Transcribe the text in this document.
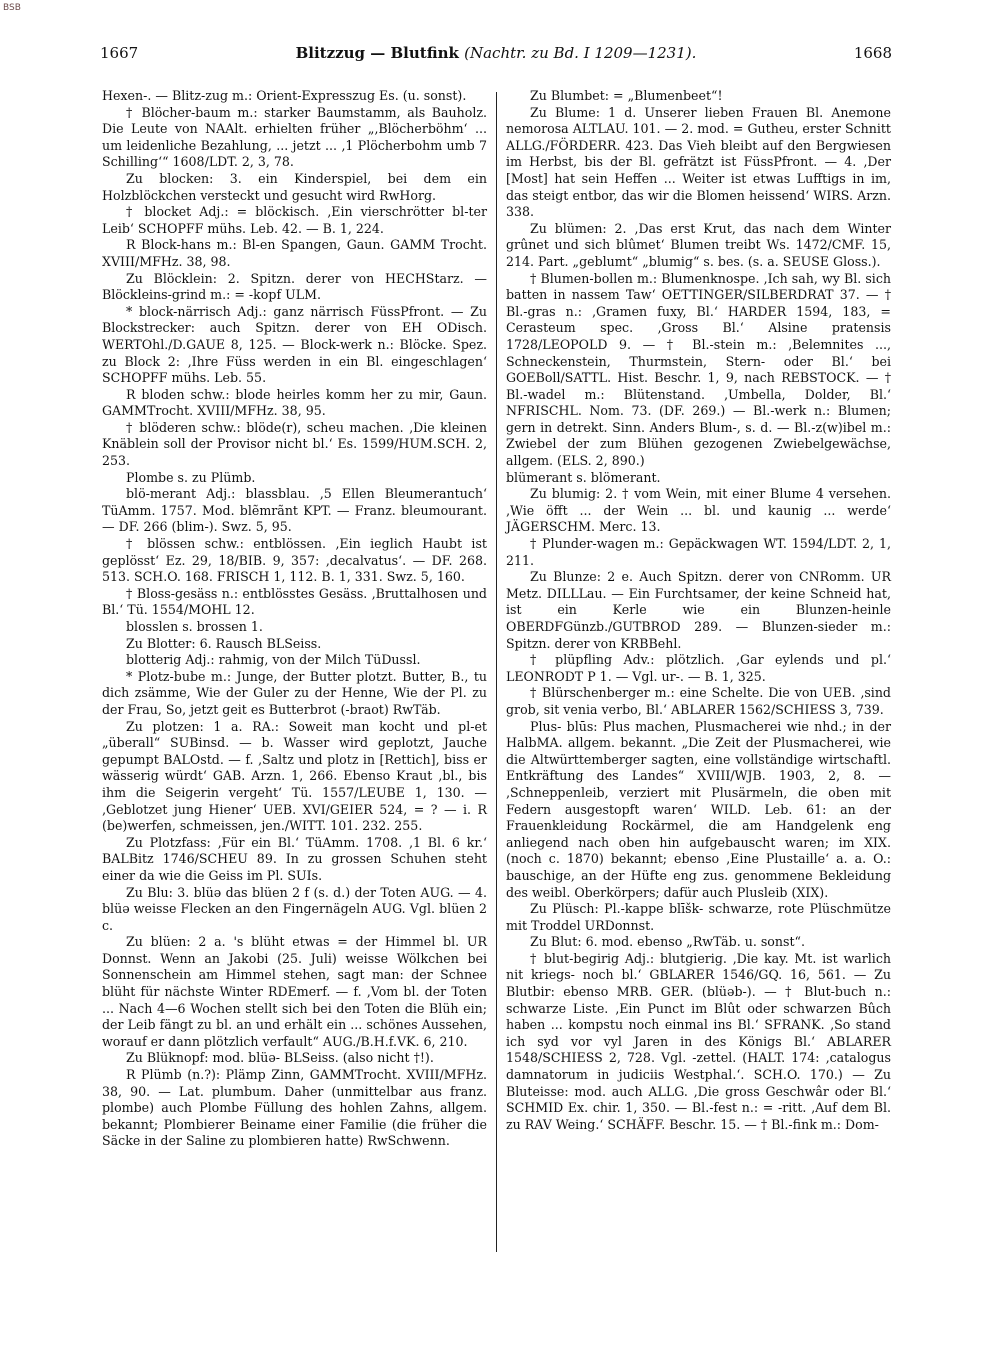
BSB
1667	Blitzzug — Blutfink (Nachtr. zu Bd. I 1209—1231).	1668

Hexen-. — Blitz-zug m.: Orient-Expresszug Es. (u. sonst).

† Blöcher-baum m.: starker Baumstamm, als Bauholz. Die Leute von NAAlt. erhielten früher „‚Blöcherböhm‘ ... um leidenliche Bezahlung, ... jetzt ... ‚1 Plöcherbohm umb 7 Schilling‘“ 1608/LDT. 2, 3, 78.

Zu blocken: 3. ein Kinderspiel, bei dem ein Holzblöckchen versteckt und gesucht wird RwHorg.

† blocket Adj.: = blöckisch. ‚Ein vierschrötter bl-ter Leib‘ SCHOPFF mühs. Leb. 42. — B. 1, 224.

R Block-hans m.: Bl-en Spangen, Gaun. GAMM Trocht. XVIII/MFHz. 38, 98.

Zu Blöcklein: 2. Spitzn. derer von HECHStarz. — Blöckleins-grind m.: = -kopf ULM.

* block-närrisch Adj.: ganz närrisch FüssPfront. — Zu Blockstrecker: auch Spitzn. derer von EH ODisch. WERTOhl./D.GAUE 8, 125. — Block-werk n.: Blöcke. Spez. zu Block 2: ‚Ihre Füss werden in ein Bl. eingeschlagen‘ SCHOPFF mühs. Leb. 55.

R bloden schw.: blode heirles komm her zu mir, Gaun. GAMMTrocht. XVIII/MFHz. 38, 95.

† blöderen schw.: blöde(r), scheu machen. ‚Die kleinen Knäblein soll der Provisor nicht bl.‘ Es. 1599/HUM.SCH. 2, 253.

Plombe s. zu Plümb.

blö-merant Adj.: blassblau. ‚5 Ellen Bleumerantuch‘ TüAmm. 1757. Mod. blẽmrãnt KPT. — Franz. bleumourant. — DF. 266 (blim-). Swz. 5, 95.

† blössen schw.: entblössen. ‚Ein ieglich Haubt ist geplösst‘ Ez. 29, 18/BIB. 9, 357: ‚decalvatus‘. — DF. 268. 513. SCH.O. 168. FRISCH 1, 112. B. 1, 331. Swz. 5, 160.

† Bloss-gesäss n.: entblösstes Gesäss. ‚Bruttalhosen und Bl.‘ Tü. 1554/MOHL 12.

blosslen s. brossen 1.

Zu Blotter: 6. Rausch BLSeiss.

blotterig Adj.: rahmig, von der Milch TüDussl.

* Plotz-bube m.: Junge, der Butter plotzt. Butter, B., tu dich zsämme, Wie der Guler zu der Henne, Wie der Pl. zu der Frau, So, jetzt geit es Butterbrot (-braot) RwTäb.

Zu plotzen: 1 a. RA.: Soweit man kocht und pl-et „überall“ SUBinsd. — b. Wasser wird geplotzt, Jauche gepumpt BALOstd. — f. ‚Saltz und plotz in [Rettich], biss er wässerig würdt‘ GAB. Arzn. 1, 266. Ebenso Kraut ‚bl., bis ihm die Seigerin vergeht‘ Tü. 1557/LEUBE 1, 130. — ‚Geblotzet jung Hiener‘ UEB. XVI/GEIER 524, = ? — i. R (be)werfen, schmeissen, jen./WITT. 101. 232. 255.

Zu Plotzfass: ‚Für ein Bl.‘ TüAmm. 1708. ‚1 Bl. 6 kr.‘ BALBitz 1746/SCHEU 89. In zu grossen Schuhen steht einer da wie die Geiss im Pl. SUIs.

Zu Blu: 3. blüə das blüen 2 f (s. d.) der Toten AUG. — 4. blüə weisse Flecken an den Fingernägeln AUG. Vgl. blüen 2 c.

Zu blüen: 2 a. 's blüht etwas = der Himmel bl. UR Donnst. Wenn an Jakobi (25. Juli) weisse Wölkchen bei Sonnenschein am Himmel stehen, sagt man: der Schnee blüht für nächste Winter RDEmerf. — f. ‚Vom bl. der Toten ... Nach 4—6 Wochen stellt sich bei den Toten die Blüh ein; der Leib fängt zu bl. an und erhält ein ... schönes Aussehen, worauf er dann plötzlich verfault“ AUG./B.H.f.VK. 6, 210.

Zu Blüknopf: mod. blüə- BLSeiss. (also nicht †!).

R Plümb (n.?): Plämp Zinn, GAMMTrocht. XVIII/MFHz. 38, 90. — Lat. plumbum. Daher (unmittelbar aus franz. plombe) auch Plombe Füllung des hohlen Zahns, allgem. bekannt; Plombierer Beiname einer Familie (die früher die Säcke in der Saline zu plombieren hatte) RwSchwenn.

Zu Blumbet: = „Blumenbeet“!

Zu Blume: 1 d. Unserer lieben Frauen Bl. Anemone nemorosa ALTLAU. 101. — 2. mod. = Gutheu, erster Schnitt ALLG./FÖRDERR. 423. Das Vieh bleibt auf den Bergwiesen im Herbst, bis der Bl. gefrätzt ist FüssPfront. — 4. ‚Der [Most] hat sein Heffen ... Weiter ist etwas Lufftigs in im, das steigt entbor, das wir die Blomen heissend‘ WIRS. Arzn. 338.

Zu blümen: 2. ‚Das erst Krut, das nach dem Winter grûnet und sich blûmet‘ Blumen treibt Ws. 1472/CMF. 15, 214. Part. „geblumt“ „blumig“ s. bes. (s. a. SEUSE Gloss.).

† Blumen-bollen m.: Blumenknospe. ‚Ich sah, wy Bl. sich batten in nassem Taw‘ OETTINGER/SILBERDRAT 37. — † Bl.-gras n.: ‚Gramen fuxy, Bl.‘ HARDER 1594, 183, = Cerasteum spec. ‚Gross Bl.‘ Alsine pratensis 1728/LEOPOLD 9. — † Bl.-stein m.: ‚Belemnites ..., Schneckenstein, Thurmstein, Stern- oder Bl.‘ bei GOEBoll/SATTL. Hist. Beschr. 1, 9, nach REBSTOCK. — † Bl.-wadel m.: Blütenstand. ‚Umbella, Dolder, Bl.‘ NFRISCHL. Nom. 73. (DF. 269.) — Bl.-werk n.: Blumen; gern in detrekt. Sinn. Anders Blum-, s. d. — Bl.-z(w)ibel m.: Zwiebel der zum Blühen gezogenen Zwiebelgewächse, allgem. (ELS. 2, 890.)

blümerant s. blömerant.

Zu blumig: 2. † vom Wein, mit einer Blume 4 versehen. ‚Wie öfft ... der Wein ... bl. und kaunig ... werde‘ JÄGERSCHM. Merc. 13.

† Plunder-wagen m.: Gepäckwagen WT. 1594/LDT. 2, 1, 211.

Zu Blunze: 2 e. Auch Spitzn. derer von CNRomm. UR Metz. DILLLau. — Ein Furchtsamer, der keine Schneid hat, ist ein Kerle wie ein Blunzen-heinle OBERDFGünzb./GUTBROD 289. — Blunzen-sieder m.: Spitzn. derer von KRBBehl.

† plüpfling Adv.: plötzlich. ‚Gar eylends und pl.‘ LEONRODT P 1. — Vgl. ur-. — B. 1, 325.

† Blürschenberger m.: eine Schelte. Die von UEB. ‚sind grob, sit venia verbo, Bl.‘ ABLARER 1562/SCHIESS 3, 739.

Plus- blūs: Plus machen, Plusmacherei wie nhd.; in der HalbMA. allgem. bekannt. „Die Zeit der Plusmacherei, wie die Altwürttemberger sagten, eine vollständige wirtschaftl. Entkräftung des Landes“ XVIII/WJB. 1903, 2, 8. — ‚Schneppenleib, verziert mit Plusärmeln, die oben mit Federn ausgestopft waren‘ WILD. Leb. 61: an der Frauenkleidung Rockärmel, die am Handgelenk eng anliegend nach oben hin aufgebauscht waren; im XIX. (noch c. 1870) bekannt; ebenso ‚Eine Plustaille‘ a. a. O.: bauschige, an der Hüfte eng zus. genommene Bekleidung des weibl. Oberkörpers; dafür auch Plusleib (XIX).

Zu Plüsch: Pl.-kappe blīšk- schwarze, rote Plüschmütze mit Troddel URDonnst.

Zu Blut: 6. mod. ebenso „RwTäb. u. sonst“.

† blut-begirig Adj.: blutgierig. ‚Die kay. Mt. ist warlich nit kriegs- noch bl.‘ GBLARER 1546/GQ. 16, 561. — Zu Blutbir: ebenso MRB. GER. (blüəb-). — † Blut-buch n.: schwarze Liste. ‚Ein Punct im Blût oder schwarzen Bûch haben ... kompstu noch einmal ins Bl.‘ SFRANK. ‚So stand ich syd vor vyl Jaren in des Königs Bl.‘ ABLARER 1548/SCHIESS 2, 728. Vgl. -zettel. (HALT. 174: ‚catalogus damnatorum in judiciis Westphal.‘. SCH.O. 170.) — Zu Bluteisse: mod. auch ALLG. ‚Die gross Geschwâr oder Bl.‘ SCHMID Ex. chir. 1, 350. — Bl.-fest n.: = -ritt. ‚Auf dem Bl. zu RAV Weing.‘ SCHÄFF. Beschr. 15. — † Bl.-fink m.: Dom-
